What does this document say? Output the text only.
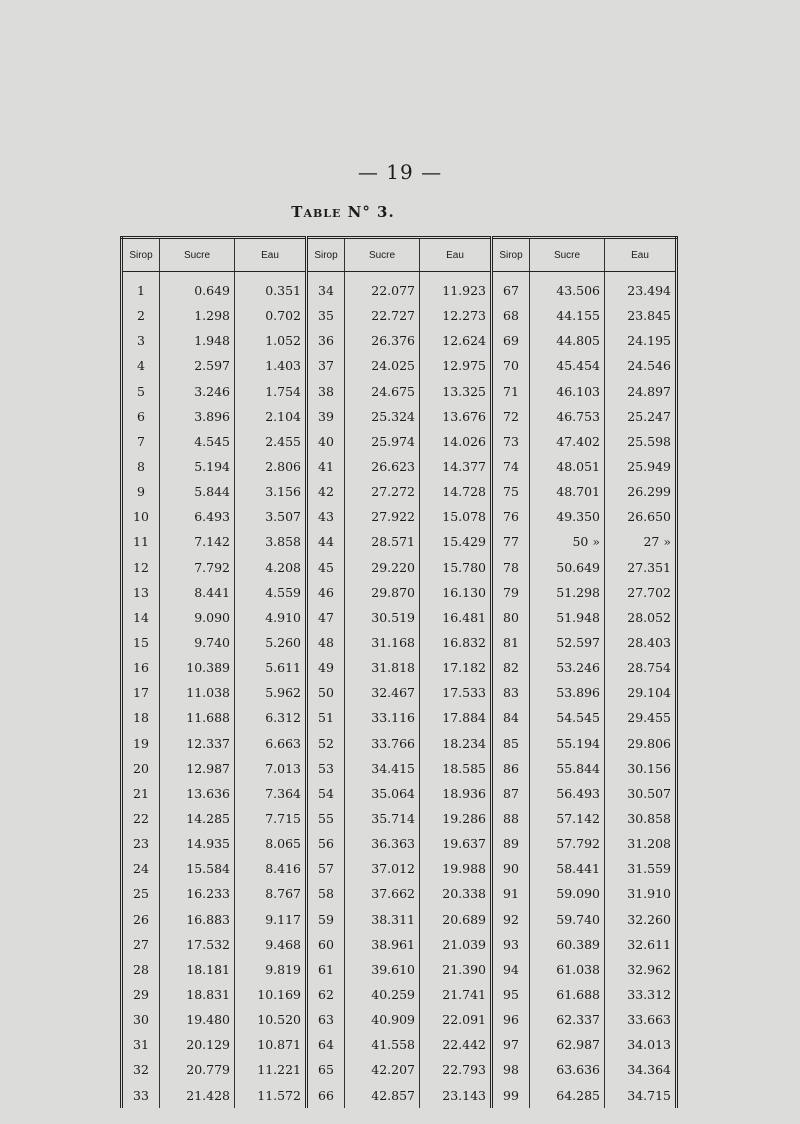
— 19 —
Table N° 3.
Sirop	Sucre	Eau	Sirop	Sucre	Eau	Sirop	Sucre	Eau
1	0.649	0.351	34	22.077	11.923	67	43.506	23.494
2	1.298	0.702	35	22.727	12.273	68	44.155	23.845
3	1.948	1.052	36	26.376	12.624	69	44.805	24.195
4	2.597	1.403	37	24.025	12.975	70	45.454	24.546
5	3.246	1.754	38	24.675	13.325	71	46.103	24.897
6	3.896	2.104	39	25.324	13.676	72	46.753	25.247
7	4.545	2.455	40	25.974	14.026	73	47.402	25.598
8	5.194	2.806	41	26.623	14.377	74	48.051	25.949
9	5.844	3.156	42	27.272	14.728	75	48.701	26.299
10	6.493	3.507	43	27.922	15.078	76	49.350	26.650
11	7.142	3.858	44	28.571	15.429	77	50 »	27 »
12	7.792	4.208	45	29.220	15.780	78	50.649	27.351
13	8.441	4.559	46	29.870	16.130	79	51.298	27.702
14	9.090	4.910	47	30.519	16.481	80	51.948	28.052
15	9.740	5.260	48	31.168	16.832	81	52.597	28.403
16	10.389	5.611	49	31.818	17.182	82	53.246	28.754
17	11.038	5.962	50	32.467	17.533	83	53.896	29.104
18	11.688	6.312	51	33.116	17.884	84	54.545	29.455
19	12.337	6.663	52	33.766	18.234	85	55.194	29.806
20	12.987	7.013	53	34.415	18.585	86	55.844	30.156
21	13.636	7.364	54	35.064	18.936	87	56.493	30.507
22	14.285	7.715	55	35.714	19.286	88	57.142	30.858
23	14.935	8.065	56	36.363	19.637	89	57.792	31.208
24	15.584	8.416	57	37.012	19.988	90	58.441	31.559
25	16.233	8.767	58	37.662	20.338	91	59.090	31.910
26	16.883	9.117	59	38.311	20.689	92	59.740	32.260
27	17.532	9.468	60	38.961	21.039	93	60.389	32.611
28	18.181	9.819	61	39.610	21.390	94	61.038	32.962
29	18.831	10.169	62	40.259	21.741	95	61.688	33.312
30	19.480	10.520	63	40.909	22.091	96	62.337	33.663
31	20.129	10.871	64	41.558	22.442	97	62.987	34.013
32	20.779	11.221	65	42.207	22.793	98	63.636	34.364
33	21.428	11.572	66	42.857	23.143	99	64.285	34.715
